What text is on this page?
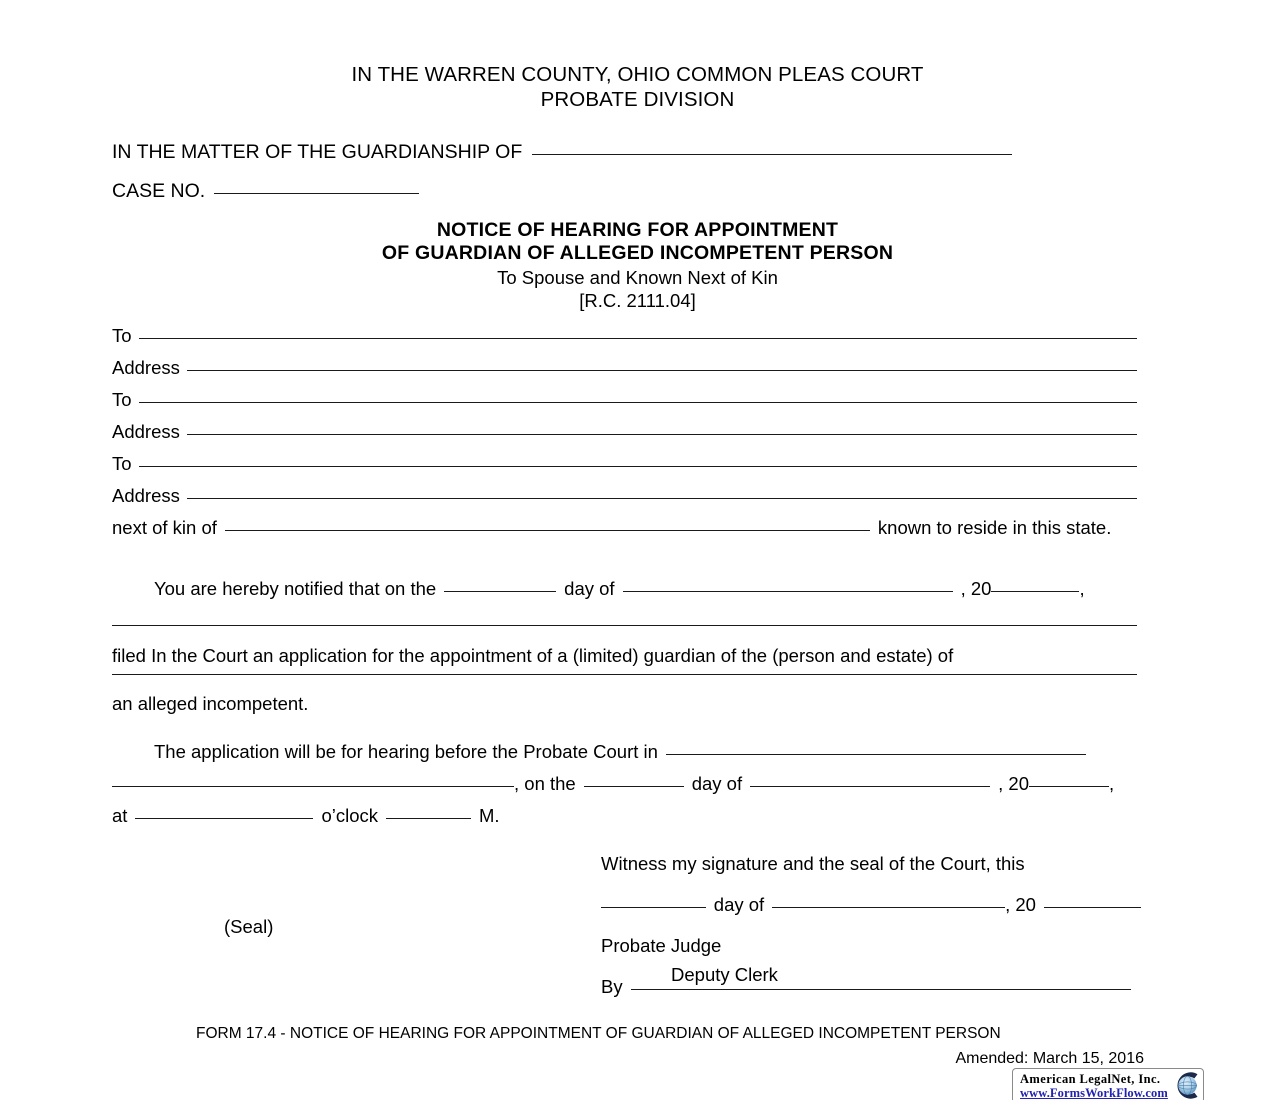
IN THE WARREN COUNTY, OHIO COMMON PLEAS COURT
PROBATE DIVISION
IN THE MATTER OF THE GUARDIANSHIP OF
CASE NO.
NOTICE OF HEARING FOR APPOINTMENT
OF GUARDIAN OF ALLEGED INCOMPETENT PERSON
To Spouse and Known Next of Kin
[R.C. 2111.04]
To
Address
To
Address
To
Address
next of kin of	known to reside in this state.
You are hereby notified that on the	day of	, 20	,
filed In the Court an application for the appointment of a (limited) guardian of the (person and estate) of
an alleged incompetent.
The application will be for hearing before the Probate Court in
, on the	day of	, 20	,
at	o’clock	M.
Witness my signature and the seal of the Court, this
day of	, 20
Probate Judge
By
(Seal)
Deputy Clerk
FORM 17.4 - NOTICE OF HEARING FOR APPOINTMENT OF GUARDIAN OF ALLEGED INCOMPETENT PERSON
Amended: March 15, 2016
American LegalNet, Inc.
www.FormsWorkFlow.com
